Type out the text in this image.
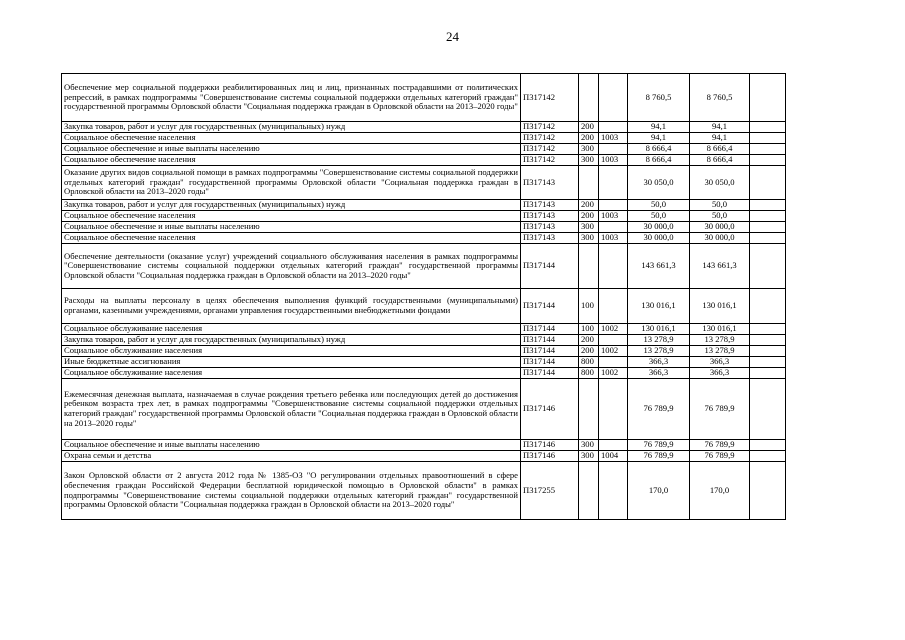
24
Обеспечение мер социальной поддержки реабилитированных лиц и лиц, признанных пострадавшими от политических репрессий, в рамках подпрограммы "Совершенствование системы социальной поддержки отдельных категорий граждан" государственной программы Орловской области "Социальная поддержка граждан в Орловской области на 2013–2020 годы"	П317142			8 760,5	8 760,5	
Закупка товаров, работ и услуг для государственных (муниципальных) нужд	П317142	200		94,1	94,1	
Социальное обеспечение населения	П317142	200	1003	94,1	94,1	
Социальное обеспечение и иные выплаты населению	П317142	300		8 666,4	8 666,4	
Социальное обеспечение населения	П317142	300	1003	8 666,4	8 666,4	
Оказание других видов социальной помощи в рамках подпрограммы "Совершенствование системы социальной поддержки отдельных категорий граждан" государственной программы Орловской области "Социальная поддержка граждан в Орловской области на 2013–2020 годы"	П317143			30 050,0	30 050,0	
Закупка товаров, работ и услуг для государственных (муниципальных) нужд	П317143	200		50,0	50,0	
Социальное обеспечение населения	П317143	200	1003	50,0	50,0	
Социальное обеспечение и иные выплаты населению	П317143	300		30 000,0	30 000,0	
Социальное обеспечение населения	П317143	300	1003	30 000,0	30 000,0	
Обеспечение деятельности (оказание услуг) учреждений социального обслуживания населения в рамках подпрограммы "Совершенствование системы социальной поддержки отдельных категорий граждан" государственной программы Орловской области "Социальная поддержка граждан в Орловской области на 2013–2020 годы"	П317144			143 661,3	143 661,3	
Расходы на выплаты персоналу в целях обеспечения выполнения функций государственными (муниципальными) органами, казенными учреждениями, органами управления государственными внебюджетными фондами	П317144	100		130 016,1	130 016,1	
Социальное обслуживание населения	П317144	100	1002	130 016,1	130 016,1	
Закупка товаров, работ и услуг для государственных (муниципальных) нужд	П317144	200		13 278,9	13 278,9	
Социальное обслуживание населения	П317144	200	1002	13 278,9	13 278,9	
Иные бюджетные ассигнования	П317144	800		366,3	366,3	
Социальное обслуживание населения	П317144	800	1002	366,3	366,3	
Ежемесячная денежная выплата, назначаемая в случае рождения третьего ребенка или последующих детей до достижения ребенком возраста трех лет, в рамках подпрограммы "Совершенствование системы социальной поддержки отдельных категорий граждан" государственной программы Орловской области "Социальная поддержка граждан в Орловской области на 2013–2020 годы"	П317146			76 789,9	76 789,9	
Социальное обеспечение и иные выплаты населению	П317146	300		76 789,9	76 789,9	
Охрана семьи и детства	П317146	300	1004	76 789,9	76 789,9	
Закон Орловской области от 2 августа 2012 года № 1385-ОЗ "О регулировании отдельных правоотношений в сфере обеспечения граждан Российской Федерации бесплатной юридической помощью в Орловской области" в рамках подпрограммы "Совершенствование системы социальной поддержки отдельных категорий граждан" государственной программы Орловской области "Социальная поддержка граждан в Орловской области на 2013–2020 годы"	П317255			170,0	170,0	
